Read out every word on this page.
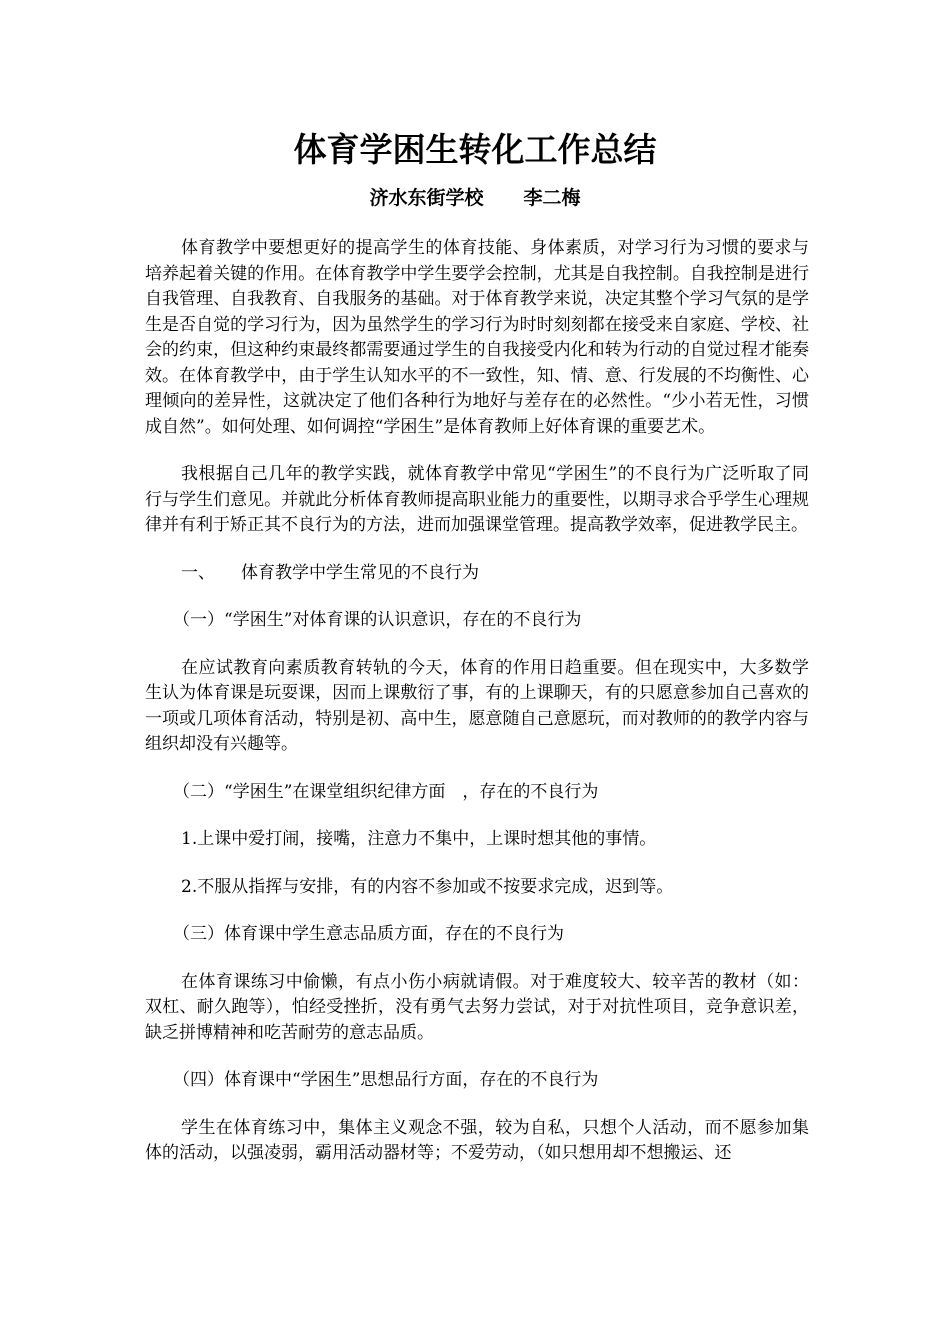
体育学困生转化工作总结
济水东街学校 李二梅

体育教学中要想更好的提高学生的体育技能、身体素质，对学习行为习惯的要求与培养起着关键的作用。在体育教学中学生要学会控制，尤其是自我控制。自我控制是进行自我管理、自我教育、自我服务的基础。对于体育教学来说，决定其整个学习气氛的是学生是否自觉的学习行为，因为虽然学生的学习行为时时刻刻都在接受来自家庭、学校、社会的约束，但这种约束最终都需要通过学生的自我接受内化和转为行动的自觉过程才能奏效。在体育教学中，由于学生认知水平的不一致性，知、情、意、行发展的不均衡性、心理倾向的差异性，这就决定了他们各种行为地好与差存在的必然性。“少小若无性，习惯成自然”。如何处理、如何调控“学困生”是体育教师上好体育课的重要艺术。

我根据自己几年的教学实践，就体育教学中常见“学困生”的不良行为广泛听取了同行与学生们意见。并就此分析体育教师提高职业能力的重要性，以期寻求合乎学生心理规律并有利于矫正其不良行为的方法，进而加强课堂管理。提高教学效率，促进教学民主。

一、 体育教学中学生常见的不良行为

（一）“学困生”对体育课的认识意识，存在的不良行为

在应试教育向素质教育转轨的今天，体育的作用日趋重要。但在现实中，大多数学生认为体育课是玩耍课，因而上课敷衍了事，有的上课聊天，有的只愿意参加自己喜欢的一项或几项体育活动，特别是初、高中生，愿意随自己意愿玩，而对教师的的教学内容与组织却没有兴趣等。

（二）“学困生”在课堂组织纪律方面　，存在的不良行为

1.上课中爱打闹，接嘴，注意力不集中，上课时想其他的事情。

2.不服从指挥与安排，有的内容不参加或不按要求完成，迟到等。

（三）体育课中学生意志品质方面，存在的不良行为

在体育课练习中偷懒，有点小伤小病就请假。对于难度较大、较辛苦的教材（如：双杠、耐久跑等），怕经受挫折，没有勇气去努力尝试，对于对抗性项目，竞争意识差，缺乏拼博精神和吃苦耐劳的意志品质。

（四）体育课中“学困生”思想品行方面，存在的不良行为

学生在体育练习中，集体主义观念不强，较为自私，只想个人活动，而不愿参加集体的活动，以强凌弱，霸用活动器材等；不爱劳动，（如只想用却不想搬运、还
